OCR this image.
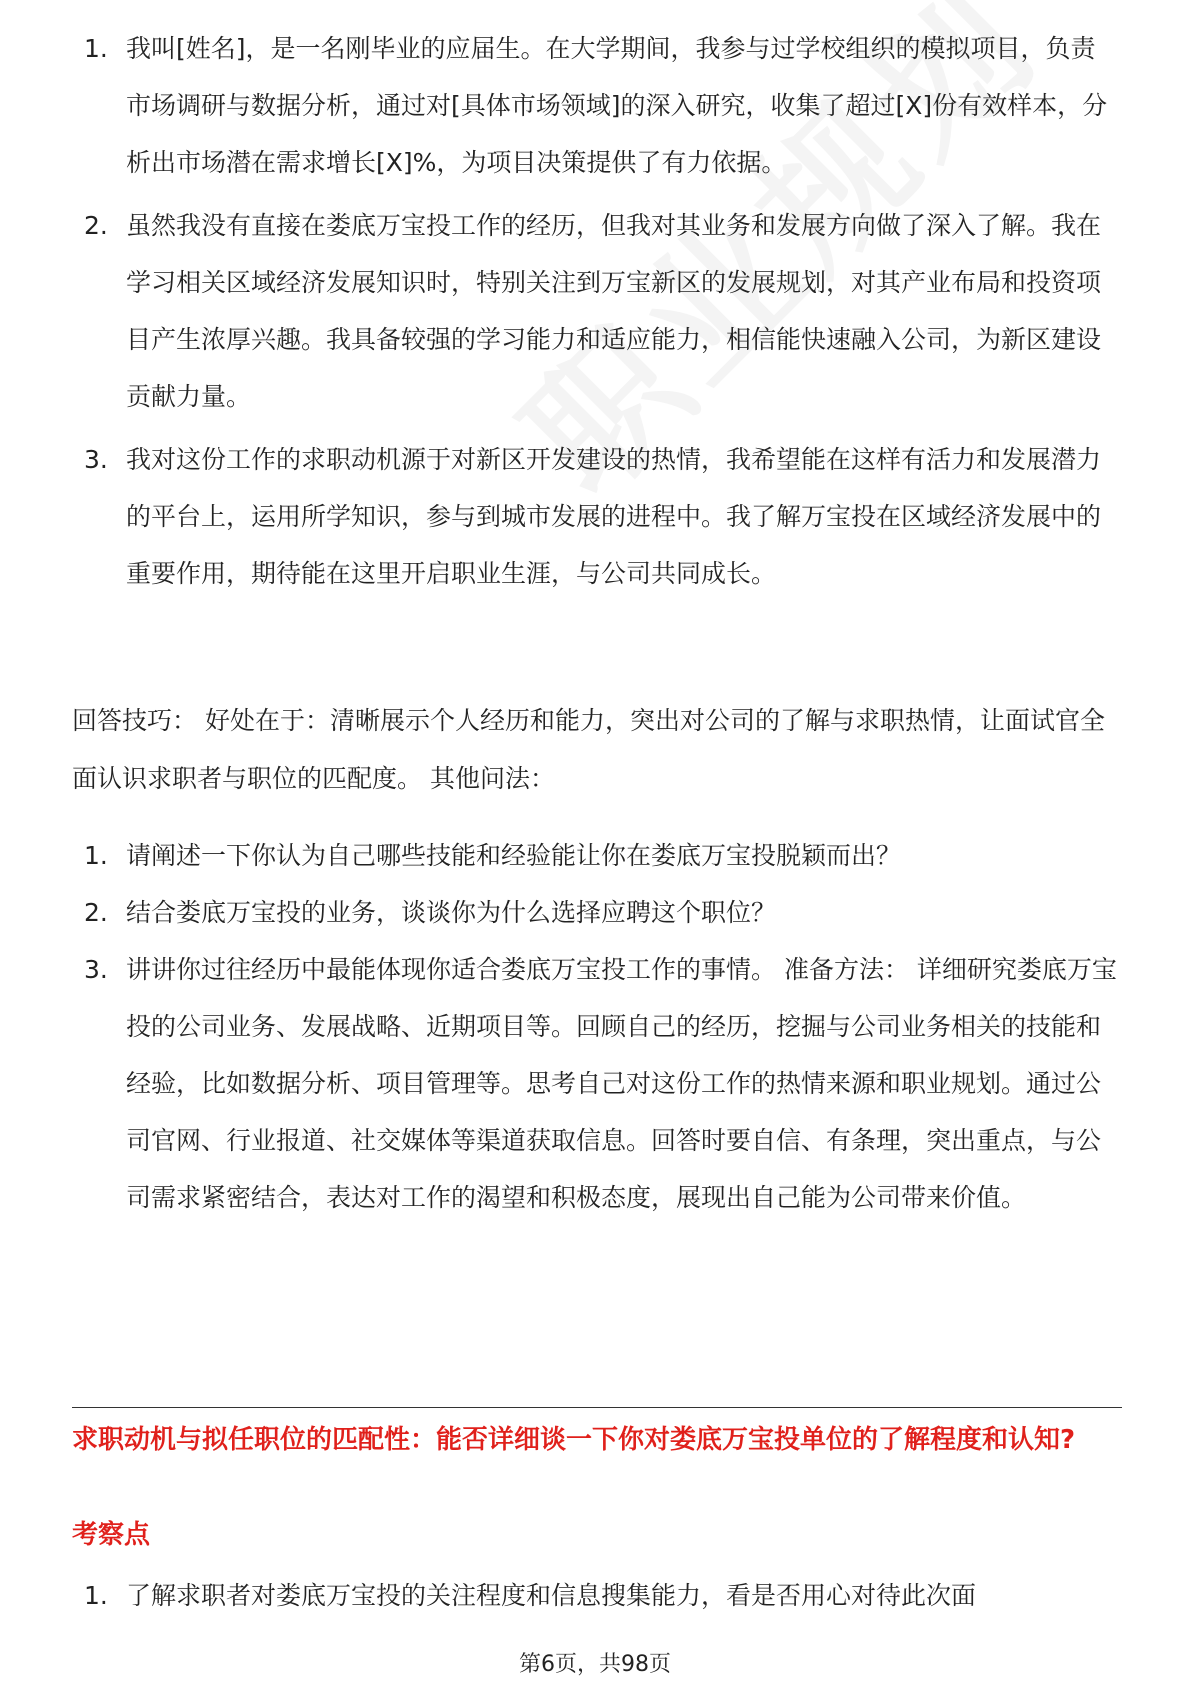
1. 我叫[姓名]，是一名刚毕业的应届生。在大学期间，我参与过学校组织的模拟项目，负责市场调研与数据分析，通过对[具体市场领域]的深入研究，收集了超过[X]份有效样本，分析出市场潜在需求增长[X]%，为项目决策提供了有力依据。
2. 虽然我没有直接在娄底万宝投工作的经历，但我对其业务和发展方向做了深入了解。我在学习相关区域经济发展知识时，特别关注到万宝新区的发展规划，对其产业布局和投资项目产生浓厚兴趣。我具备较强的学习能力和适应能力，相信能快速融入公司，为新区建设贡献力量。
3. 我对这份工作的求职动机源于对新区开发建设的热情，我希望能在这样有活力和发展潜力的平台上，运用所学知识，参与到城市发展的进程中。我了解万宝投在区域经济发展中的重要作用，期待能在这里开启职业生涯，与公司共同成长。

回答技巧： 好处在于：清晰展示个人经历和能力，突出对公司的了解与求职热情，让面试官全面认识求职者与职位的匹配度。 其他问法：

1. 请阐述一下你认为自己哪些技能和经验能让你在娄底万宝投脱颖而出？
2. 结合娄底万宝投的业务，谈谈你为什么选择应聘这个职位？
3. 讲讲你过往经历中最能体现你适合娄底万宝投工作的事情。 准备方法： 详细研究娄底万宝投的公司业务、发展战略、近期项目等。回顾自己的经历，挖掘与公司业务相关的技能和经验，比如数据分析、项目管理等。思考自己对这份工作的热情来源和职业规划。通过公司官网、行业报道、社交媒体等渠道获取信息。回答时要自信、有条理，突出重点，与公司需求紧密结合，表达对工作的渴望和积极态度，展现出自己能为公司带来价值。
求职动机与拟任职位的匹配性：能否详细谈一下你对娄底万宝投单位的了解程度和认知?
考察点
1. 了解求职者对娄底万宝投的关注程度和信息搜集能力，看是否用心对待此次面
第6页，共98页
